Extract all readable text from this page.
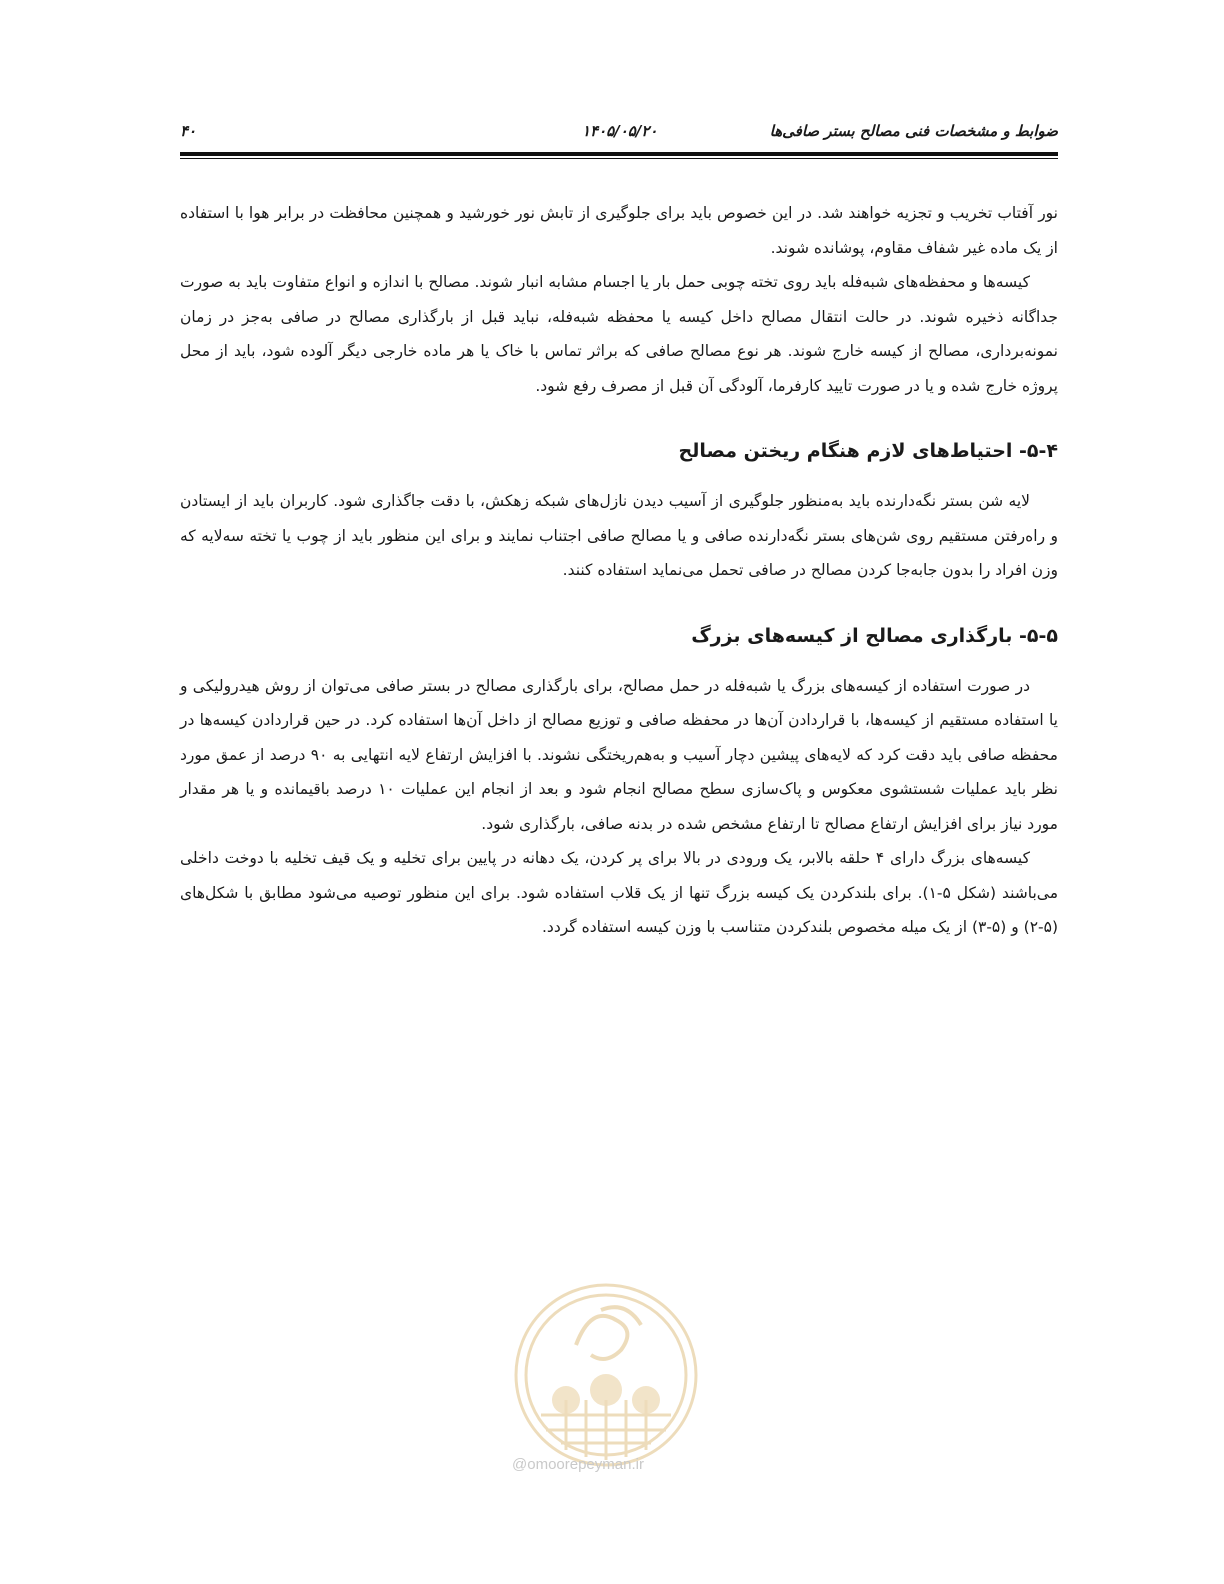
۴۰	۱۴۰۵/۰۵/۲۰	ضوابط و مشخصات فنی مصالح بستر صافی‌ها

نور آفتاب تخریب و تجزیه خواهند شد. در این خصوص باید برای جلوگیری از تابش نور خورشید و همچنین محافظت در برابر هوا با استفاده از یک ماده غیر شفاف مقاوم، پوشانده شوند.

کیسه‌ها و محفظه‌های شبه‌فله باید روی تخته چوبی حمل بار یا اجسام مشابه انبار شوند. مصالح با اندازه و انواع متفاوت باید به صورت جداگانه ذخیره شوند. در حالت انتقال مصالح داخل کیسه یا محفظه شبه‌فله، نباید قبل از بارگذاری مصالح در صافی به‌جز در زمان نمونه‌برداری، مصالح از کیسه خارج شوند. هر نوع مصالح صافی که براثر تماس با خاک یا هر ماده خارجی دیگر آلوده شود، باید از محل پروژه خارج شده و یا در صورت تایید کارفرما، آلودگی آن قبل از مصرف رفع شود.

۵-۴- احتیاط‌های لازم هنگام ریختن مصالح

لایه شن بستر نگه‌دارنده باید به‌منظور جلوگیری از آسیب دیدن نازل‌های شبکه زهکش، با دقت جاگذاری شود. کاربران باید از ایستادن و راه‌رفتن مستقیم روی شن‌های بستر نگه‌دارنده صافی و یا مصالح صافی اجتناب نمایند و برای این منظور باید از چوب یا تخته سه‌لایه که وزن افراد را بدون جابه‌جا کردن مصالح در صافی تحمل می‌نماید استفاده کنند.

۵-۵- بارگذاری مصالح از کیسه‌های بزرگ

در صورت استفاده از کیسه‌های بزرگ یا شبه‌فله در حمل مصالح، برای بارگذاری مصالح در بستر صافی می‌توان از روش هیدرولیکی و یا استفاده مستقیم از کیسه‌ها، با قراردادن آن‌ها در محفظه صافی و توزیع مصالح از داخل آن‌ها استفاده کرد. در حین قراردادن کیسه‌ها در محفظه صافی باید دقت کرد که لایه‌های پیشین دچار آسیب و به‌هم‌ریختگی نشوند. با افزایش ارتفاع لایه انتهایی به ۹۰ درصد از عمق مورد نظر باید عملیات شستشوی معکوس و پاک‌سازی سطح مصالح انجام شود و بعد از انجام این عملیات ۱۰ درصد باقیمانده و یا هر مقدار مورد نیاز برای افزایش ارتفاع مصالح تا ارتفاع مشخص شده در بدنه صافی، بارگذاری شود.

کیسه‌های بزرگ دارای ۴ حلقه بالابر، یک ورودی در بالا برای پر کردن، یک دهانه در پایین برای تخلیه و یک قیف تخلیه با دوخت داخلی می‌باشند (شکل ۵-۱). برای بلندکردن یک کیسه بزرگ تنها از یک قلاب استفاده شود. برای این منظور توصیه می‌شود مطابق با شکل‌های (۵-۲) و (۵-۳) از یک میله مخصوص بلندکردن متناسب با وزن کیسه استفاده گردد.

@omoorepeyman.ir
